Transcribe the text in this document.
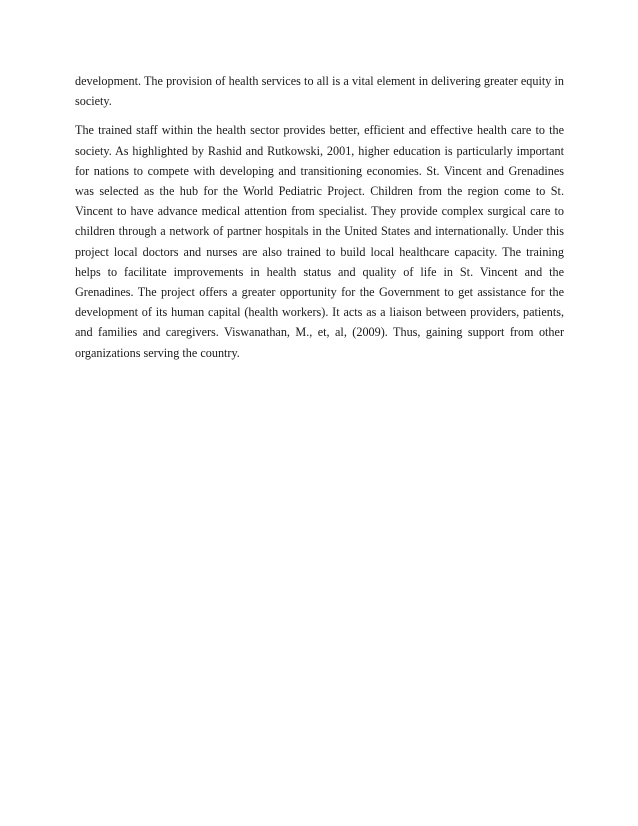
development. The provision of health services to all is a vital element in delivering greater equity in society.

The trained staff within the health sector provides better, efficient and effective health care to the society. As highlighted by Rashid and Rutkowski, 2001, higher education is particularly important for nations to compete with developing and transitioning economies. St. Vincent and Grenadines was selected as the hub for the World Pediatric Project. Children from the region come to St. Vincent to have advance medical attention from specialist. They provide complex surgical care to children through a network of partner hospitals in the United States and internationally. Under this project local doctors and nurses are also trained to build local healthcare capacity. The training helps to facilitate improvements in health status and quality of life in St. Vincent and the Grenadines. The project offers a greater opportunity for the Government to get assistance for the development of its human capital (health workers). It acts as a liaison between providers, patients, and families and caregivers. Viswanathan, M., et, al, (2009). Thus, gaining support from other organizations serving the country.
